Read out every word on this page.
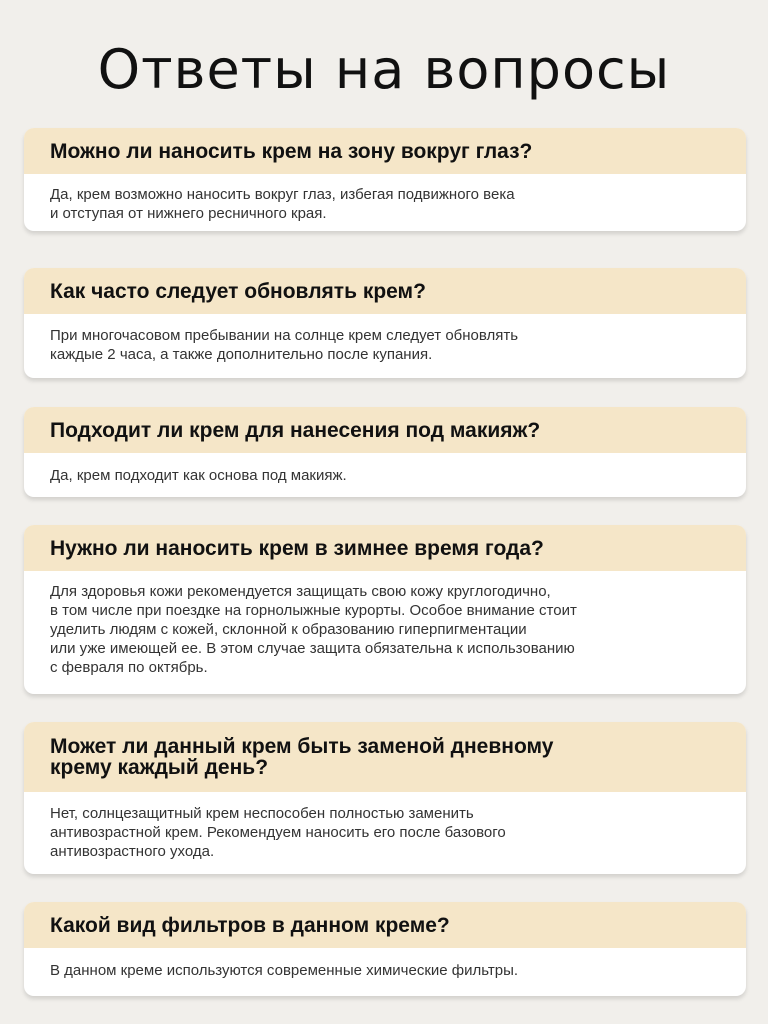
Ответы на вопросы
Можно ли наносить крем на зону вокруг глаз?
Да, крем возможно наносить вокруг глаз, избегая подвижного века
и отступая от нижнего ресничного края.
Как часто следует обновлять крем?
При многочасовом пребывании на солнце крем следует обновлять
каждые 2 часа, а также дополнительно после купания.
Подходит ли крем для нанесения под макияж?
Да, крем подходит как основа под макияж.
Нужно ли наносить крем в зимнее время года?
Для здоровья кожи рекомендуется защищать свою кожу круглогодично,
в том числе при поездке на горнолыжные курорты. Особое внимание стоит
уделить людям с кожей, склонной к образованию гиперпигментации
или уже имеющей ее. В этом случае защита обязательна к использованию
с февраля по октябрь.
Может ли данный крем быть заменой дневному
крему каждый день?
Нет, солнцезащитный крем неспособен полностью заменить
антивозрастной крем. Рекомендуем наносить его после базового
антивозрастного ухода.
Какой вид фильтров в данном креме?
В данном креме используются современные химические фильтры.
